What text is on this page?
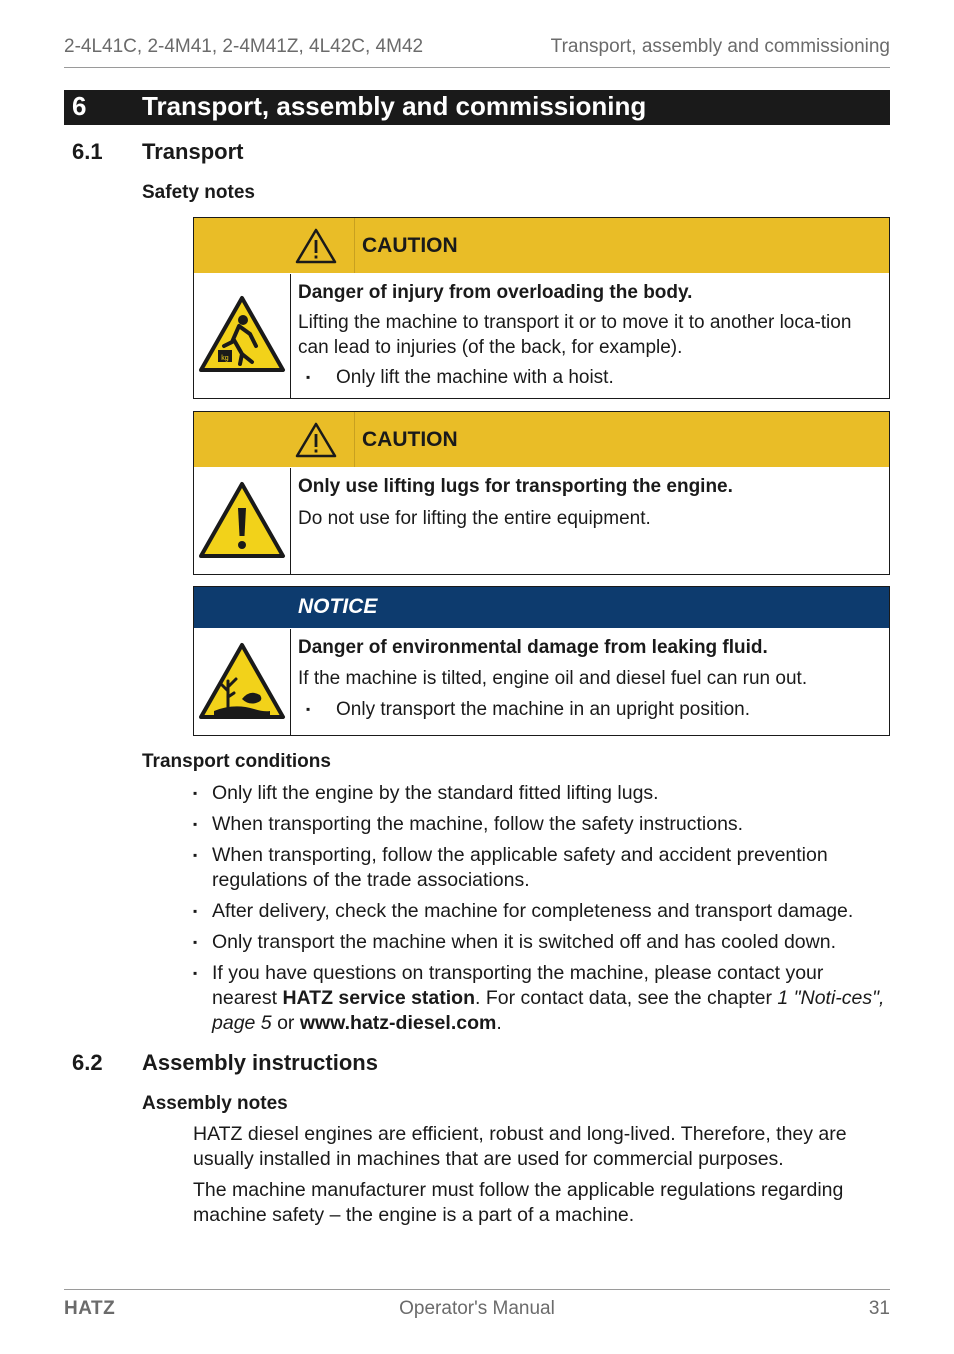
2-4L41C, 2-4M41, 2-4M41Z, 4L42C, 4M42	Transport, assembly and commissioning
6 Transport, assembly and commissioning
6.1 Transport
Safety notes
CAUTION
kg
Danger of injury from overloading the body.
Lifting the machine to transport it or to move it to another loca-tion can lead to injuries (of the back, for example).
▪ Only lift the machine with a hoist.
CAUTION
Only use lifting lugs for transporting the engine.
Do not use for lifting the entire equipment.
NOTICE
Danger of environmental damage from leaking fluid.
If the machine is tilted, engine oil and diesel fuel can run out.
▪ Only transport the machine in an upright position.
Transport conditions
▪ Only lift the engine by the standard fitted lifting lugs.
▪ When transporting the machine, follow the safety instructions.
▪ When transporting, follow the applicable safety and accident prevention regulations of the trade associations.
▪ After delivery, check the machine for completeness and transport damage.
▪ Only transport the machine when it is switched off and has cooled down.
▪ If you have questions on transporting the machine, please contact your nearest HATZ service station. For contact data, see the chapter 1 "Noti-ces", page 5 or www.hatz-diesel.com.
6.2 Assembly instructions
Assembly notes
HATZ diesel engines are efficient, robust and long-lived. Therefore, they are usually installed in machines that are used for commercial purposes.
The machine manufacturer must follow the applicable regulations regarding machine safety – the engine is a part of a machine.
HATZ	Operator's Manual	31
